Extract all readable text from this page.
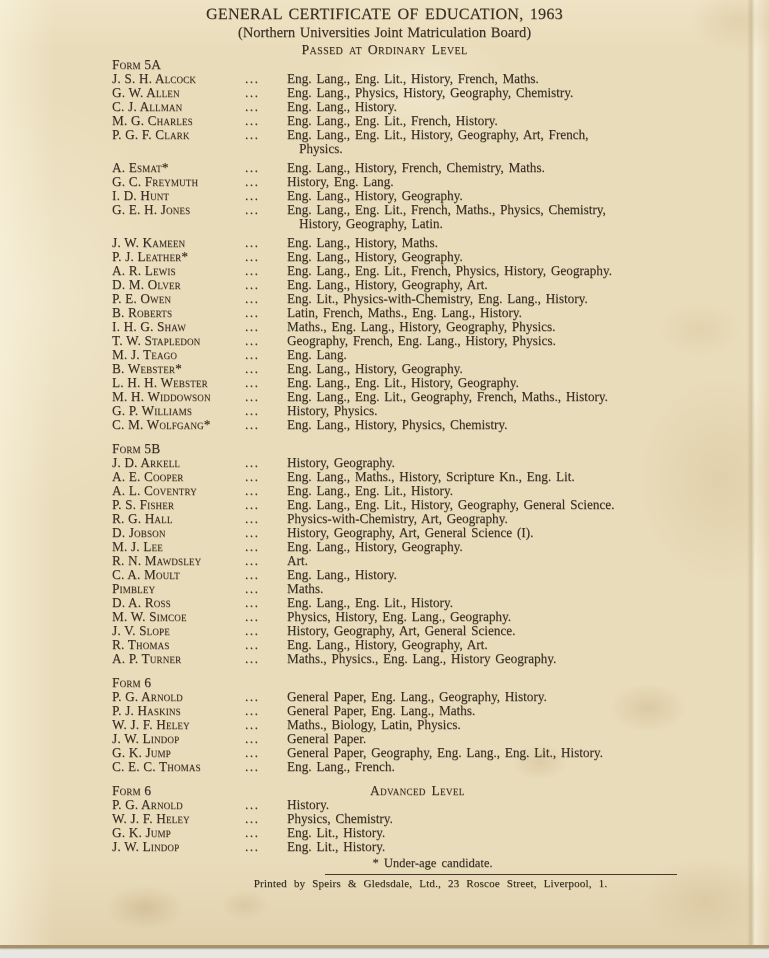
GENERAL CERTIFICATE OF EDUCATION, 1963
(Northern Universities Joint Matriculation Board)
Passed at Ordinary Level
Form 5A
J. S. H. Alcock	...	Eng. Lang., Eng. Lit., History, French, Maths.
G. W. Allen	...	Eng. Lang., Physics, History, Geography, Chemistry.
C. J. Allman	...	Eng. Lang., History.
M. G. Charles	...	Eng. Lang., Eng. Lit., French, History.
P. G. F. Clark	...	Eng. Lang., Eng. Lit., History, Geography, Art, French,
Physics.
A. Esmat*	...	Eng. Lang., History, French, Chemistry, Maths.
G. C. Freymuth	...	History, Eng. Lang.
I. D. Hunt	...	Eng. Lang., History, Geography.
G. E. H. Jones	...	Eng. Lang., Eng. Lit., French, Maths., Physics, Chemistry,
History, Geography, Latin.
J. W. Kameen	...	Eng. Lang., History, Maths.
P. J. Leather*	...	Eng. Lang., History, Geography.
A. R. Lewis	...	Eng. Lang., Eng. Lit., French, Physics, History, Geography.
D. M. Olver	...	Eng. Lang., History, Geography, Art.
P. E. Owen	...	Eng. Lit., Physics-with-Chemistry, Eng. Lang., History.
B. Roberts	...	Latin, French, Maths., Eng. Lang., History.
I. H. G. Shaw	...	Maths., Eng. Lang., History, Geography, Physics.
T. W. Stapledon	...	Geography, French, Eng. Lang., History, Physics.
M. J. Teago	...	Eng. Lang.
B. Webster*	...	Eng. Lang., History, Geography.
L. H. H. Webster	...	Eng. Lang., Eng. Lit., History, Geography.
M. H. Widdowson	...	Eng. Lang., Eng. Lit., Geography, French, Maths., History.
G. P. Williams	...	History, Physics.
C. M. Wolfgang*	...	Eng. Lang., History, Physics, Chemistry.
Form 5B
J. D. Arkell	...	History, Geography.
A. E. Cooper	...	Eng. Lang., Maths., History, Scripture Kn., Eng. Lit.
A. L. Coventry	...	Eng. Lang., Eng. Lit., History.
P. S. Fisher	...	Eng. Lang., Eng. Lit., History, Geography, General Science.
R. G. Hall	...	Physics-with-Chemistry, Art, Geography.
D. Jobson	...	History, Geography, Art, General Science (I).
M. J. Lee	...	Eng. Lang., History, Geography.
R. N. Mawdsley	...	Art.
C. A. Moult	...	Eng. Lang., History.
Pimbley	...	Maths.
D. A. Ross	...	Eng. Lang., Eng. Lit., History.
M. W. Simcoe	...	Physics, History, Eng. Lang., Geography.
J. V. Slope	...	History, Geography, Art, General Science.
R. Thomas	...	Eng. Lang., History, Geography, Art.
A. P. Turner	...	Maths., Physics., Eng. Lang., History Geography.
Form 6
P. G. Arnold	...	General Paper, Eng. Lang., Geography, History.
P. J. Haskins	...	General Paper, Eng. Lang., Maths.
W. J. F. Heley	...	Maths., Biology, Latin, Physics.
J. W. Lindop	...	General Paper.
G. K. Jump	...	General Paper, Geography, Eng. Lang., Eng. Lit., History.
C. E. C. Thomas	...	Eng. Lang., French.
Form 6	Advanced Level
P. G. Arnold	...	History.
W. J. F. Heley	...	Physics, Chemistry.
G. K. Jump	...	Eng. Lit., History.
J. W. Lindop	...	Eng. Lit., History.
* Under-age candidate.
Printed by Speirs & Gledsdale, Ltd., 23 Roscoe Street, Liverpool, 1.
